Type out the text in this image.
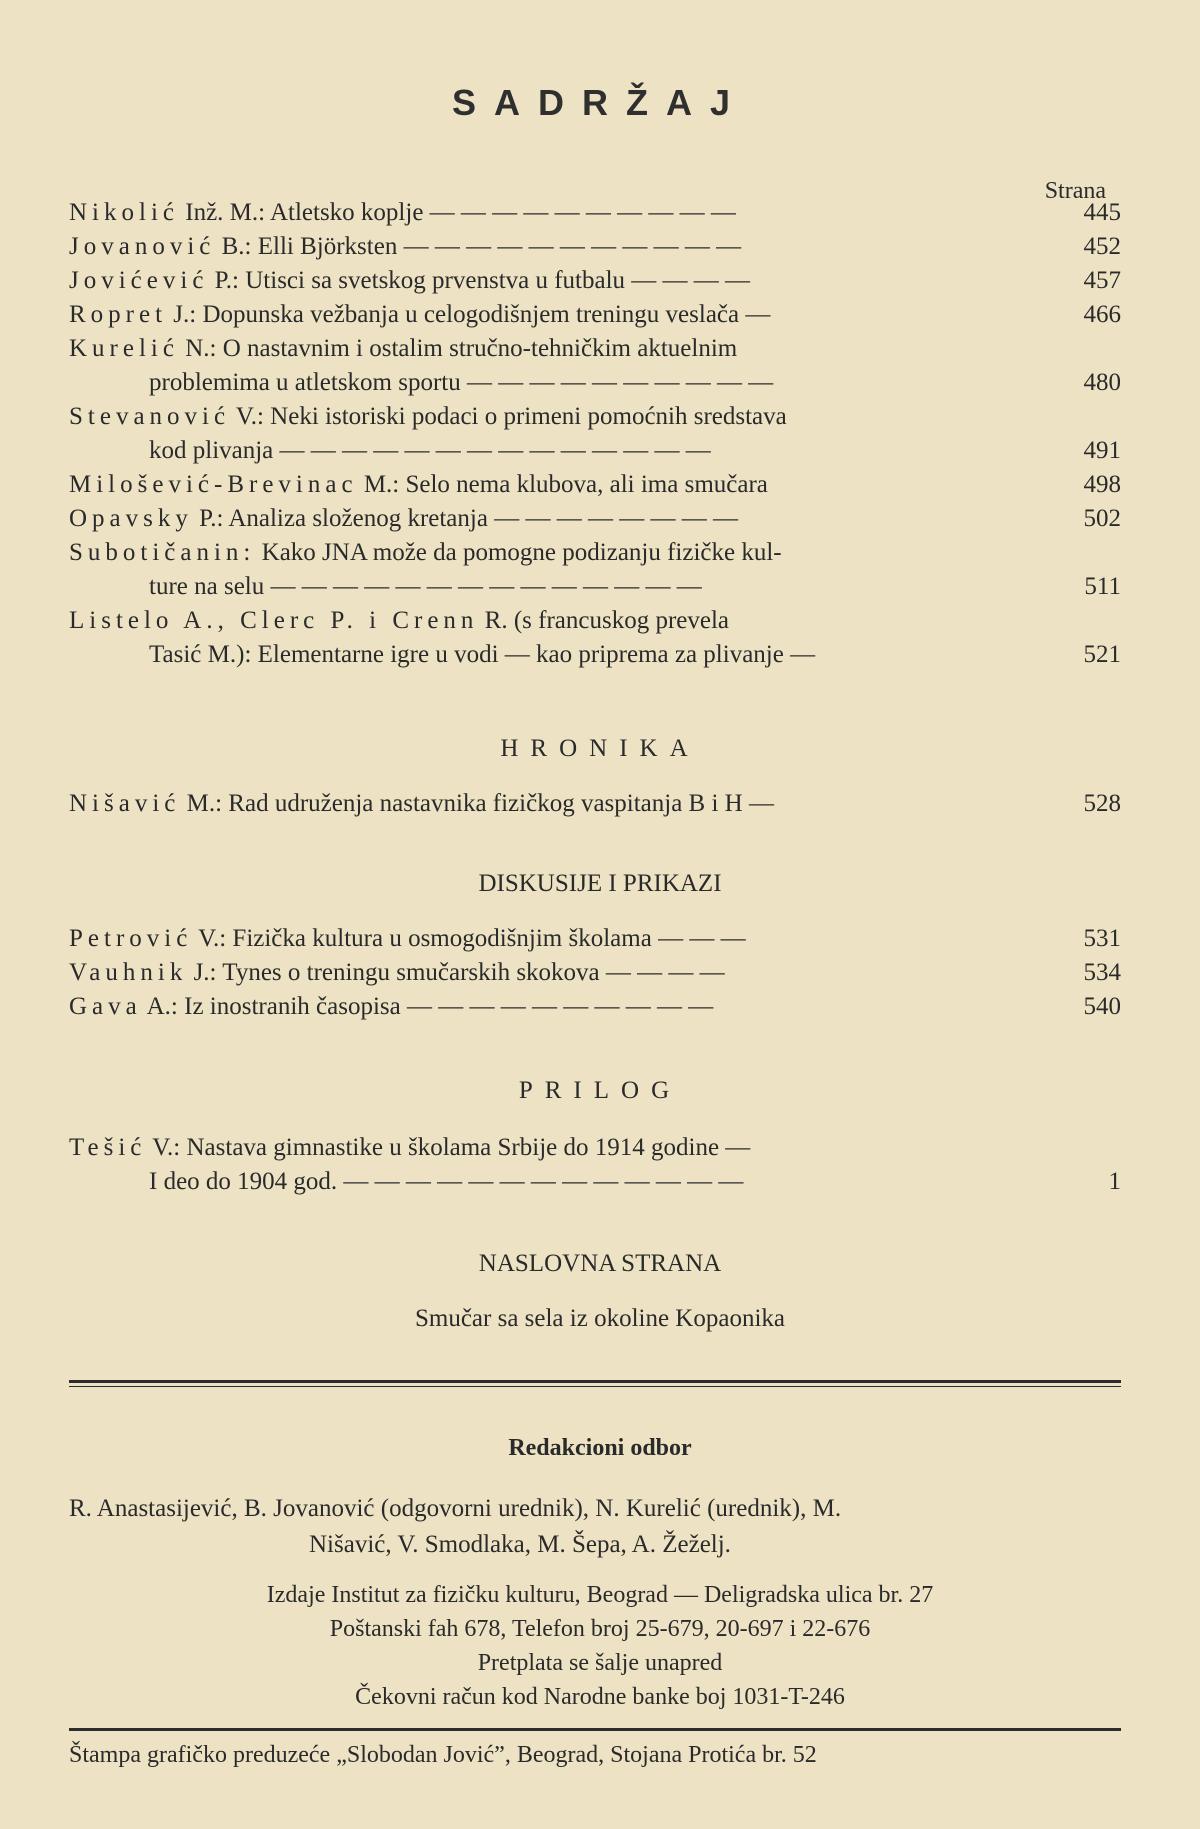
SADRŽAJ
Strana
Nikolić Inž. M.: Atletsko koplje — — — — — — — — — —	445
Jovanović B.: Elli Björksten — — — — — — — — — — —	452
Jovićević P.: Utisci sa svetskog prvenstva u futbalu — — — —	457
Ropret J.: Dopunska vežbanja u celogodišnjem treningu veslača —	466
Kurelić N.: O nastavnim i ostalim stručno-tehničkim aktuelnim
problemima u atletskom sportu — — — — — — — — — —	480
Stevanović V.: Neki istoriski podaci o primeni pomoćnih sredstava
kod plivanja — — — — — — — — — — — — — —	491
Milošević-Brevinac M.: Selo nema klubova, ali ima smučara	498
Opavsky P.: Analiza složenog kretanja — — — — — — — —	502
Subotičanin: Kako JNA može da pomogne podizanju fizičke kul-
ture na selu — — — — — — — — — — — — — —	511
Listelo A., Clerc P. i Crenn R. (s francuskog prevela
Tasić M.): Elementarne igre u vodi — kao priprema za plivanje —	521
HRONIKA
Nišavić M.: Rad udruženja nastavnika fizičkog vaspitanja B i H —	528
DISKUSIJE I PRIKAZI
Petrović V.: Fizička kultura u osmogodišnjim školama — — —	531
Vauhnik J.: Tynes o treningu smučarskih skokova — — — —	534
Gava A.: Iz inostranih časopisa — — — — — — — — — —	540
PRILOG
Tešić V.: Nastava gimnastike u školama Srbije do 1914 godine —
I deo do 1904 god. — — — — — — — — — — — — —	1
NASLOVNA STRANA
Smučar sa sela iz okoline Kopaonika
Redakcioni odbor
R. Anastasijević, B. Jovanović (odgovorni urednik), N. Kurelić (urednik), M.
Nišavić, V. Smodlaka, M. Šepa, A. Žeželj.
Izdaje Institut za fizičku kulturu, Beograd — Deligradska ulica br. 27
Poštanski fah 678, Telefon broj 25-679, 20-697 i 22-676
Pretplata se šalje unapred
Čekovni račun kod Narodne banke boj 1031-T-246
Štampa grafičko preduzeće „Slobodan Jović”, Beograd, Stojana Protića br. 52
